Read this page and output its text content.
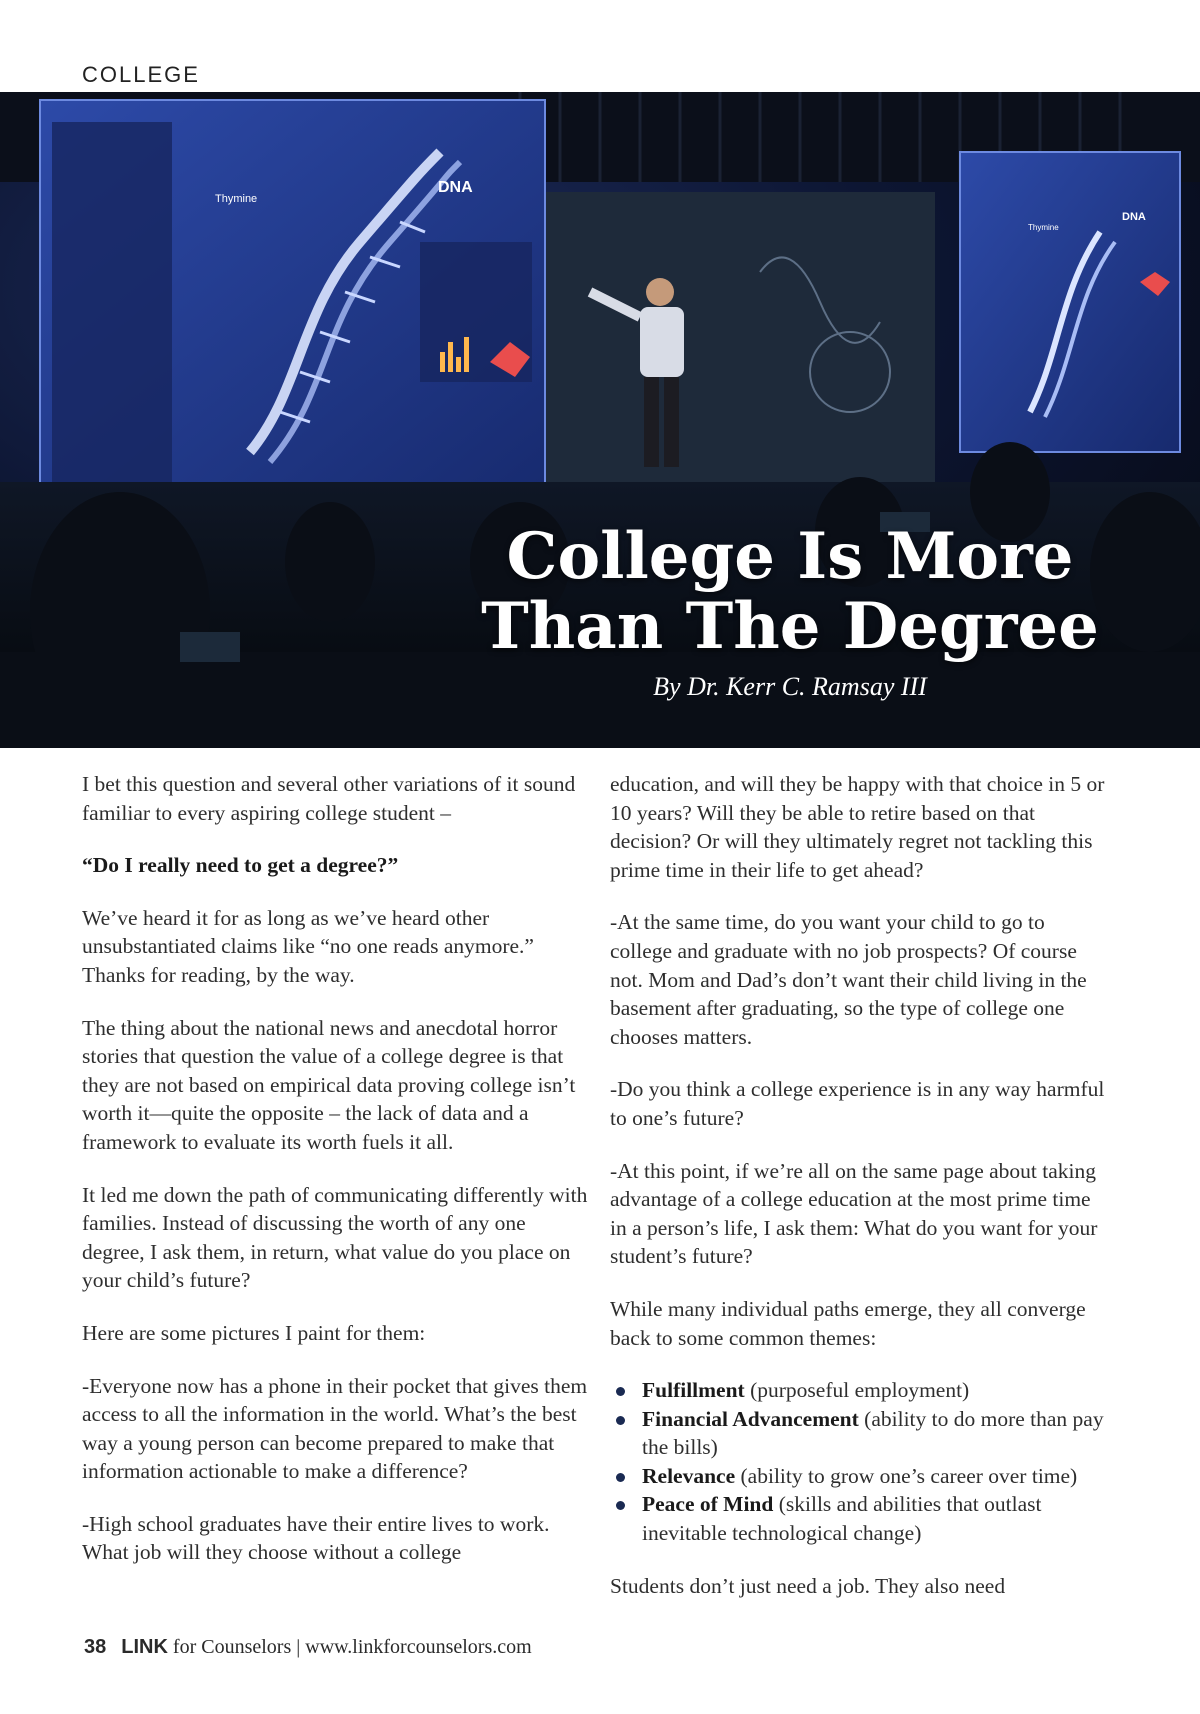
COLLEGE
Thymine
DNA
Thymine
DNA
College Is More
Than The Degree
By Dr. Kerr C. Ramsay III

I bet this question and several other variations of it sound familiar to every aspiring college student –

“Do I really need to get a degree?”

We’ve heard it for as long as we’ve heard other unsubstantiated claims like “no one reads anymore.” Thanks for reading, by the way.

The thing about the national news and anecdotal horror stories that question the value of a college degree is that they are not based on empirical data proving college isn’t worth it—quite the opposite – the lack of data and a framework to evaluate its worth fuels it all.

It led me down the path of communicating differently with families. Instead of discussing the worth of any one degree, I ask them, in return, what value do you place on your child’s future?

Here are some pictures I paint for them:

-Everyone now has a phone in their pocket that gives them access to all the information in the world. What’s the best way a young person can become prepared to make that information actionable to make a difference?

-High school graduates have their entire lives to work. What job will they choose without a college

education, and will they be happy with that choice in 5 or 10 years? Will they be able to retire based on that decision? Or will they ultimately regret not tackling this prime time in their life to get ahead?

-At the same time, do you want your child to go to college and graduate with no job prospects? Of course not. Mom and Dad’s don’t want their child living in the basement after graduating, so the type of college one chooses matters.

-Do you think a college experience is in any way harmful to one’s future?

-At this point, if we’re all on the same page about taking advantage of a college education at the most prime time in a person’s life, I ask them: What do you want for your student’s future?

While many individual paths emerge, they all converge back to some common themes:

Fulfillment (purposeful employment)
Financial Advancement (ability to do more than pay the bills)
Relevance (ability to grow one’s career over time)
Peace of Mind (skills and abilities that outlast inevitable technological change)

Students don’t just need a job. They also need

38 LINK for Counselors | www.linkforcounselors.com
